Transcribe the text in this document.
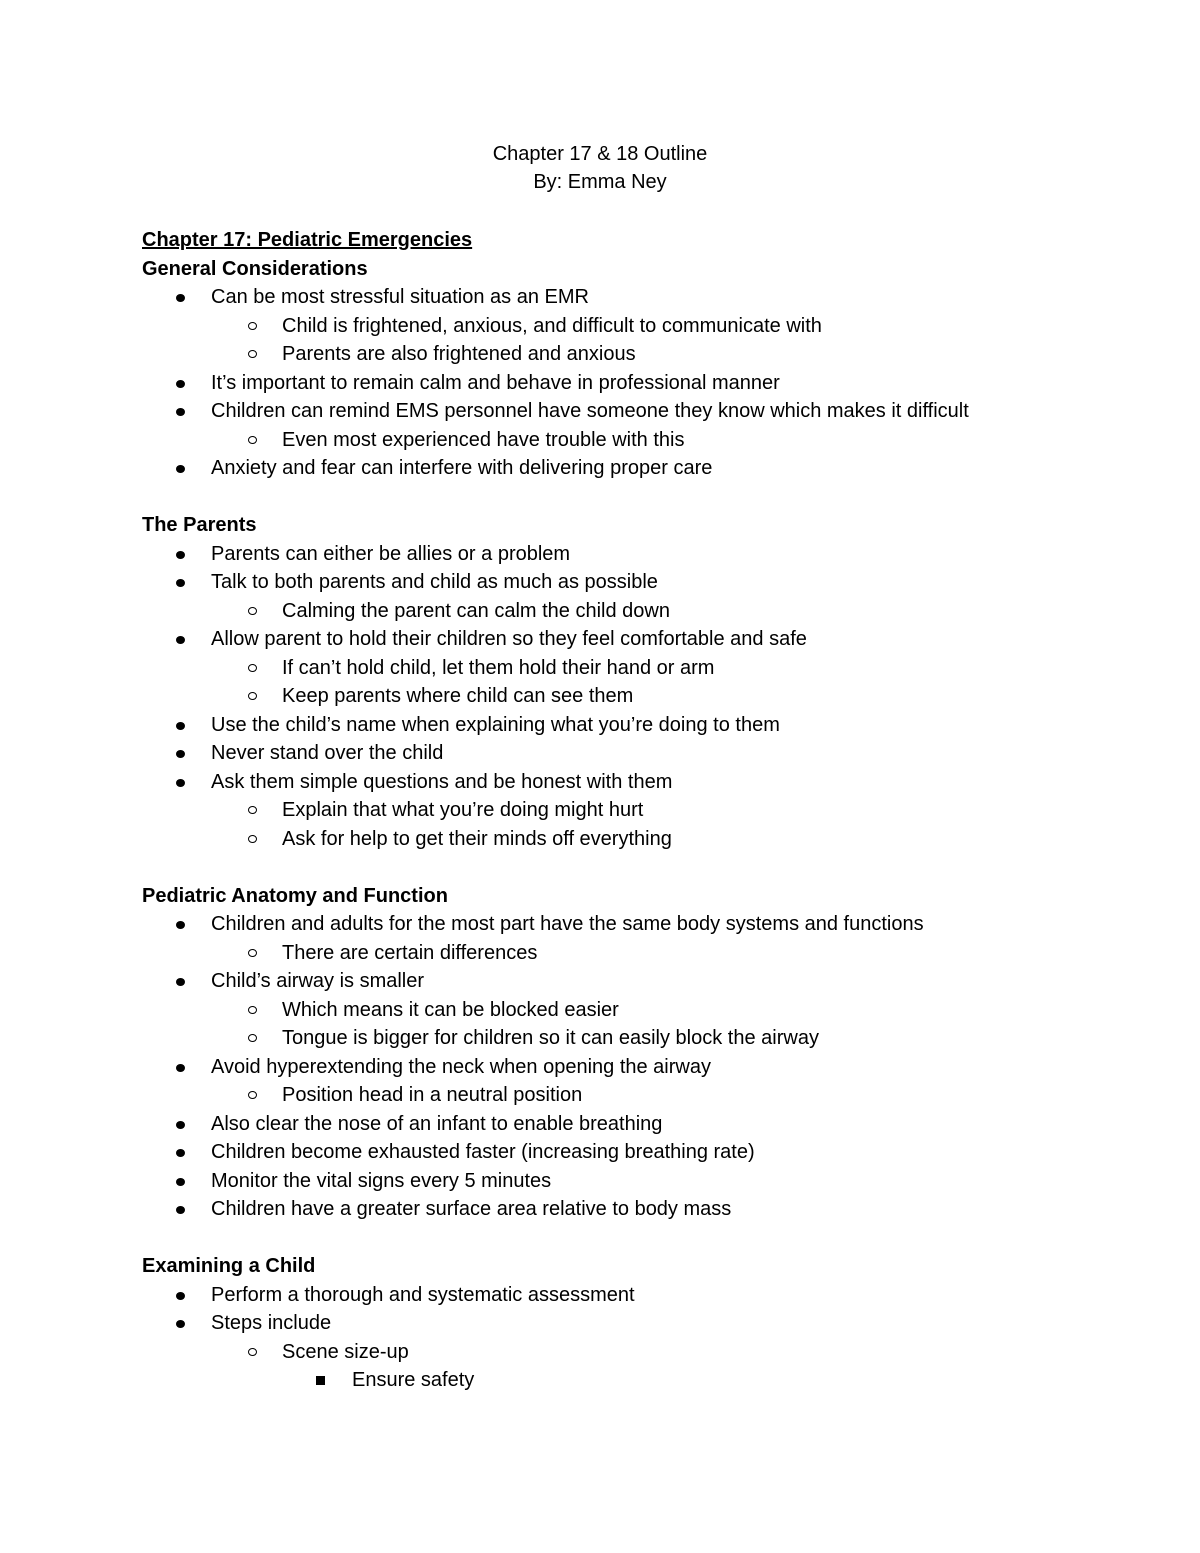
Chapter 17 & 18 Outline
By: Emma Ney
Chapter 17: Pediatric Emergencies
General Considerations
Can be most stressful situation as an EMR
Child is frightened, anxious, and difficult to communicate with
Parents are also frightened and anxious
It’s important to remain calm and behave in professional manner
Children can remind EMS personnel have someone they know which makes it difficult
Even most experienced have trouble with this
Anxiety and fear can interfere with delivering proper care
The Parents
Parents can either be allies or a problem
Talk to both parents and child as much as possible
Calming the parent can calm the child down
Allow parent to hold their children so they feel comfortable and safe
If can’t hold child, let them hold their hand or arm
Keep parents where child can see them
Use the child’s name when explaining what you’re doing to them
Never stand over the child
Ask them simple questions and be honest with them
Explain that what you’re doing might hurt
Ask for help to get their minds off everything
Pediatric Anatomy and Function
Children and adults for the most part have the same body systems and functions
There are certain differences
Child’s airway is smaller
Which means it can be blocked easier
Tongue is bigger for children so it can easily block the airway
Avoid hyperextending the neck when opening the airway
Position head in a neutral position
Also clear the nose of an infant to enable breathing
Children become exhausted faster (increasing breathing rate)
Monitor the vital signs every 5 minutes
Children have a greater surface area relative to body mass
Examining a Child
Perform a thorough and systematic assessment
Steps include
Scene size-up
Ensure safety
